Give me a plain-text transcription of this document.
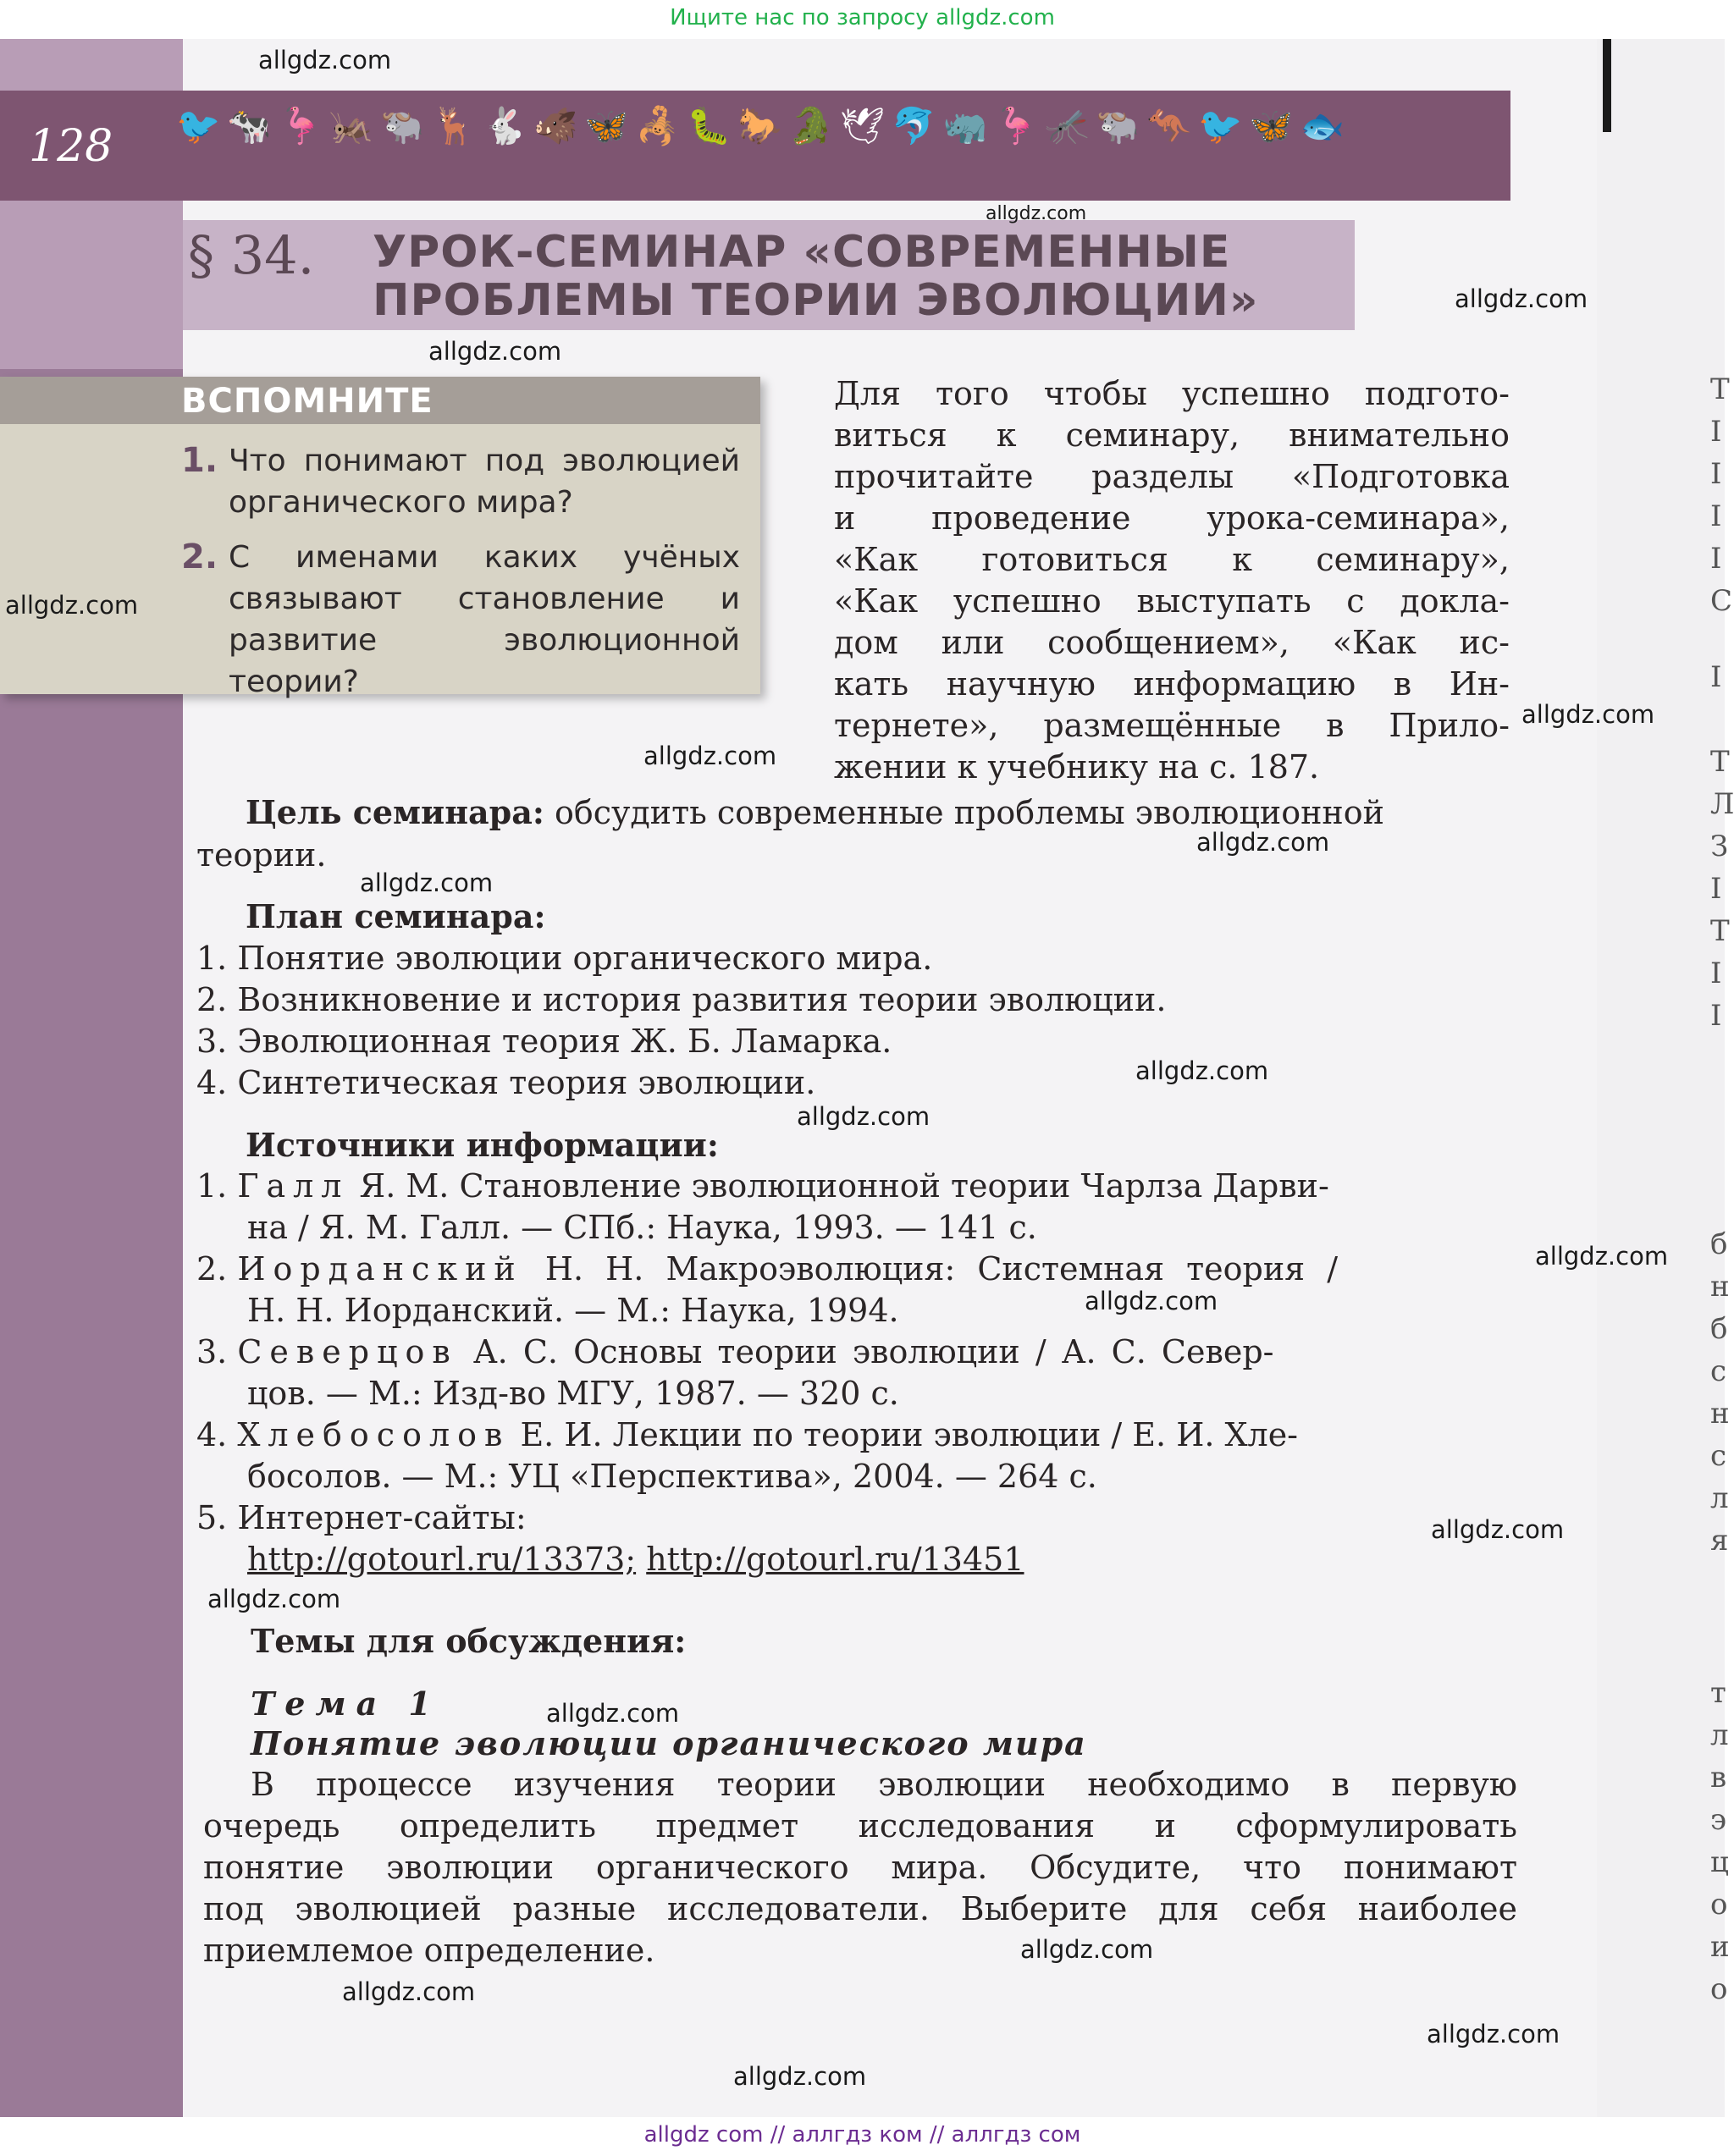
Ищите нас по запросу allgdz.com
128 🐦 🐄 🦩 🦗 🐃 🦌 🐇 🐗 🦋 🦂 🐛 🐎 🐊 🕊 🐬 🦏 🦩 🦟 🐃 🦘 🐦 🦋 🐟
§ 34. УРОК-СЕМИНАР «СОВРЕМЕННЫЕ
ПРОБЛЕМЫ ТЕОРИИ ЭВОЛЮЦИИ»
ВСПОМНИТЕ
1. Что понимают под эволюцией органического мира?
2. С именами каких учёных связывают становление и развитие эволюционной теории?
Для того чтобы успешно подгото-
виться к семинару, внимательно
прочитайте разделы «Подготовка
и проведение урока-семинара»,
«Как готовиться к семинару»,
«Как успешно выступать с докла-
дом или сообщением», «Как ис-
кать научную информацию в Ин-
тернете», размещённые в Прило-
жении к учебнику на с. 187.
Цель семинара: обсудить современные проблемы эволюционной
теории.
План семинара:
1. Понятие эволюции органического мира.
2. Возникновение и история развития теории эволюции.
3. Эволюционная теория Ж. Б. Ламарка.
4. Синтетическая теория эволюции.
Источники информации:
1. Галл Я. М. Становление эволюционной теории Чарлза Дарви-
на / Я. М. Галл. — СПб.: Наука, 1993. — 141 с.
2. Иорданский Н. Н. Макроэволюция: Системная теория /
Н. Н. Иорданский. — М.: Наука, 1994.
3. Северцов А. С. Основы теории эволюции / А. С. Север-
цов. — М.: Изд-во МГУ, 1987. — 320 с.
4. Хлебосолов Е. И. Лекции по теории эволюции / Е. И. Хле-
босолов. — М.: УЦ «Перспектива», 2004. — 264 с.
5. Интернет-сайты:
http://gotourl.ru/13373; http://gotourl.ru/13451
Темы для обсуждения:
Тема 1
Понятие эволюции органического мира
В процессе изучения теории эволюции необходимо в первую
очередь определить предмет исследования и сформулировать
понятие эволюции органического мира. Обсудите, что понимают
под эволюцией разные исследователи. Выберите для себя наиболее
приемлемое определение.
Т
I
I
I
I
С
I
Т
Л
З
I
Т
I
I
б
н
б
с
н
с
л
я
т
л
в
э
ц
о
и
о
allgdz.com
allgdz.com
allgdz.com
allgdz.com
allgdz.com
allgdz.com
allgdz.com
allgdz.com
allgdz.com
allgdz.com
allgdz.com
allgdz.com
allgdz.com
allgdz.com
allgdz.com
allgdz.com
allgdz.com
allgdz.com
allgdz.com
allgdz.com
allgdz com // аллгдз ком // аллгдз сом
